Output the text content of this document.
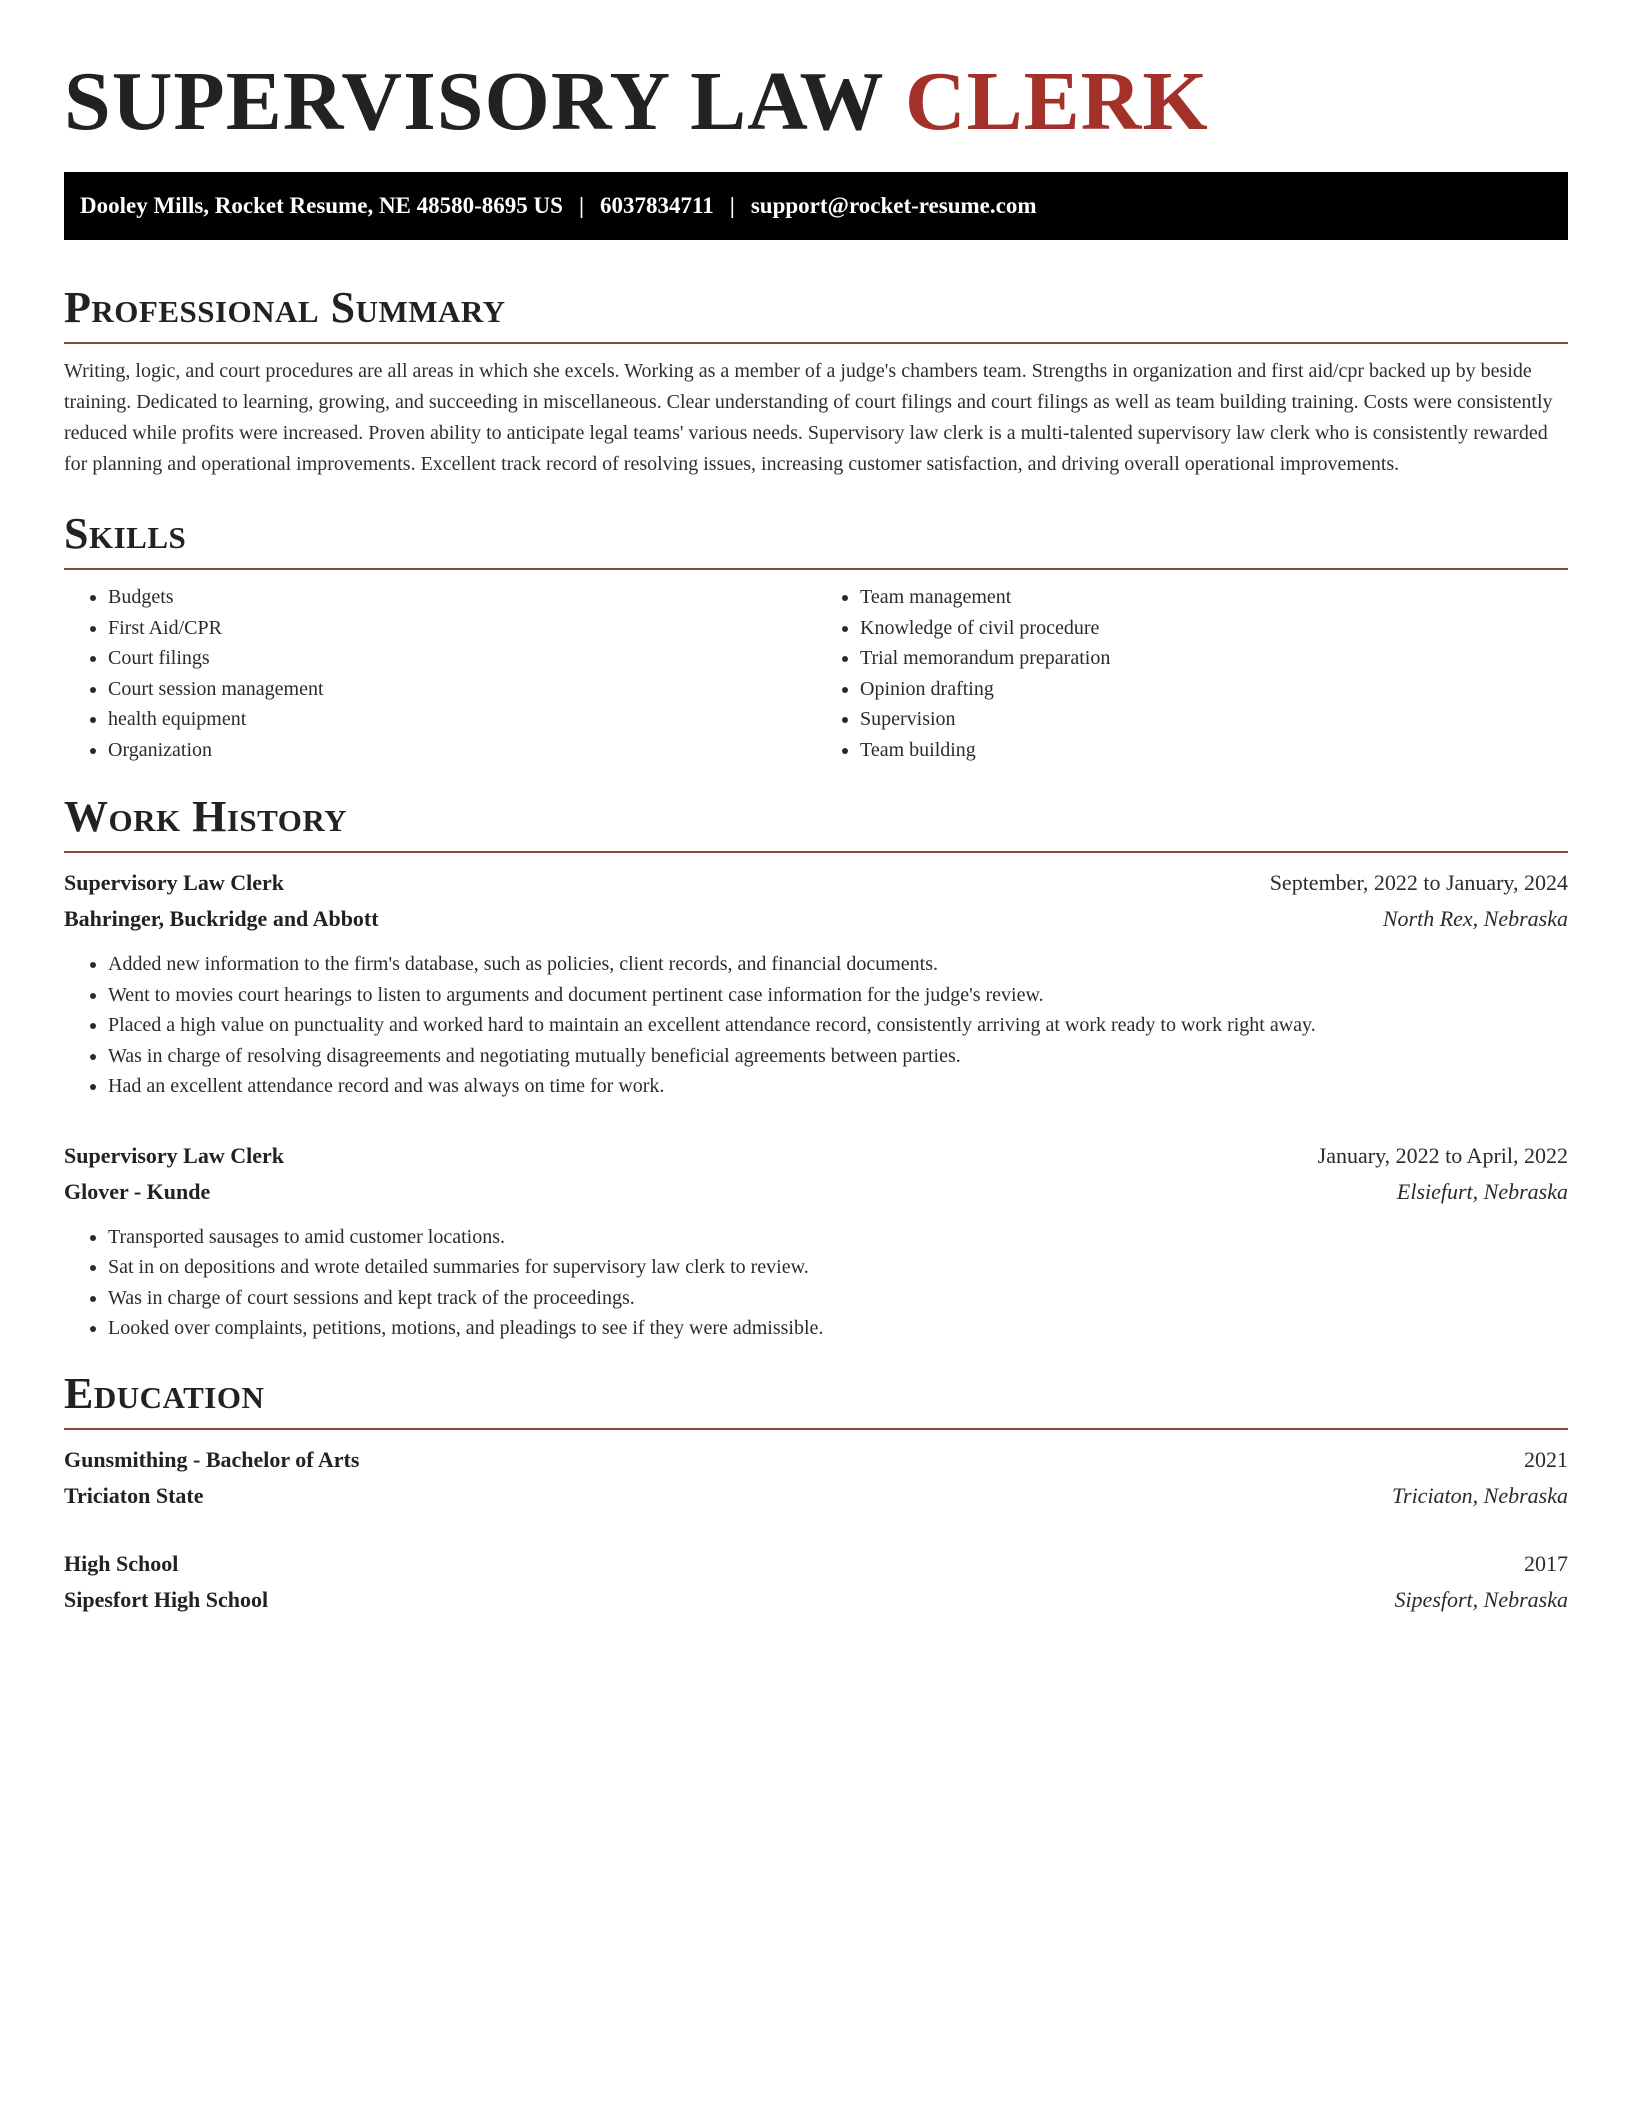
SUPERVISORY LAW CLERK
Dooley Mills, Rocket Resume, NE 48580-8695 US | 6037834711 | support@rocket-resume.com
Professional Summary

Writing, logic, and court procedures are all areas in which she excels. Working as a member of a judge's chambers team. Strengths in organization and first aid/cpr backed up by beside training. Dedicated to learning, growing, and succeeding in miscellaneous. Clear understanding of court filings and court filings as well as team building training. Costs were consistently reduced while profits were increased. Proven ability to anticipate legal teams' various needs. Supervisory law clerk is a multi-talented supervisory law clerk who is consistently rewarded for planning and operational improvements. Excellent track record of resolving issues, increasing customer satisfaction, and driving overall operational improvements.

Skills
• Budgets
• First Aid/CPR
• Court filings
• Court session management
• health equipment
• Organization
• Team management
• Knowledge of civil procedure
• Trial memorandum preparation
• Opinion drafting
• Supervision
• Team building
Work History
Supervisory Law Clerk	September, 2022 to January, 2024
Bahringer, Buckridge and Abbott	North Rex, Nebraska
• Added new information to the firm's database, such as policies, client records, and financial documents.
• Went to movies court hearings to listen to arguments and document pertinent case information for the judge's review.
• Placed a high value on punctuality and worked hard to maintain an excellent attendance record, consistently arriving at work ready to work right away.
• Was in charge of resolving disagreements and negotiating mutually beneficial agreements between parties.
• Had an excellent attendance record and was always on time for work.
Supervisory Law Clerk	January, 2022 to April, 2022
Glover - Kunde	Elsiefurt, Nebraska
• Transported sausages to amid customer locations.
• Sat in on depositions and wrote detailed summaries for supervisory law clerk to review.
• Was in charge of court sessions and kept track of the proceedings.
• Looked over complaints, petitions, motions, and pleadings to see if they were admissible.
Education
Gunsmithing - Bachelor of Arts	2021
Triciaton State	Triciaton, Nebraska
High School	2017
Sipesfort High School	Sipesfort, Nebraska
